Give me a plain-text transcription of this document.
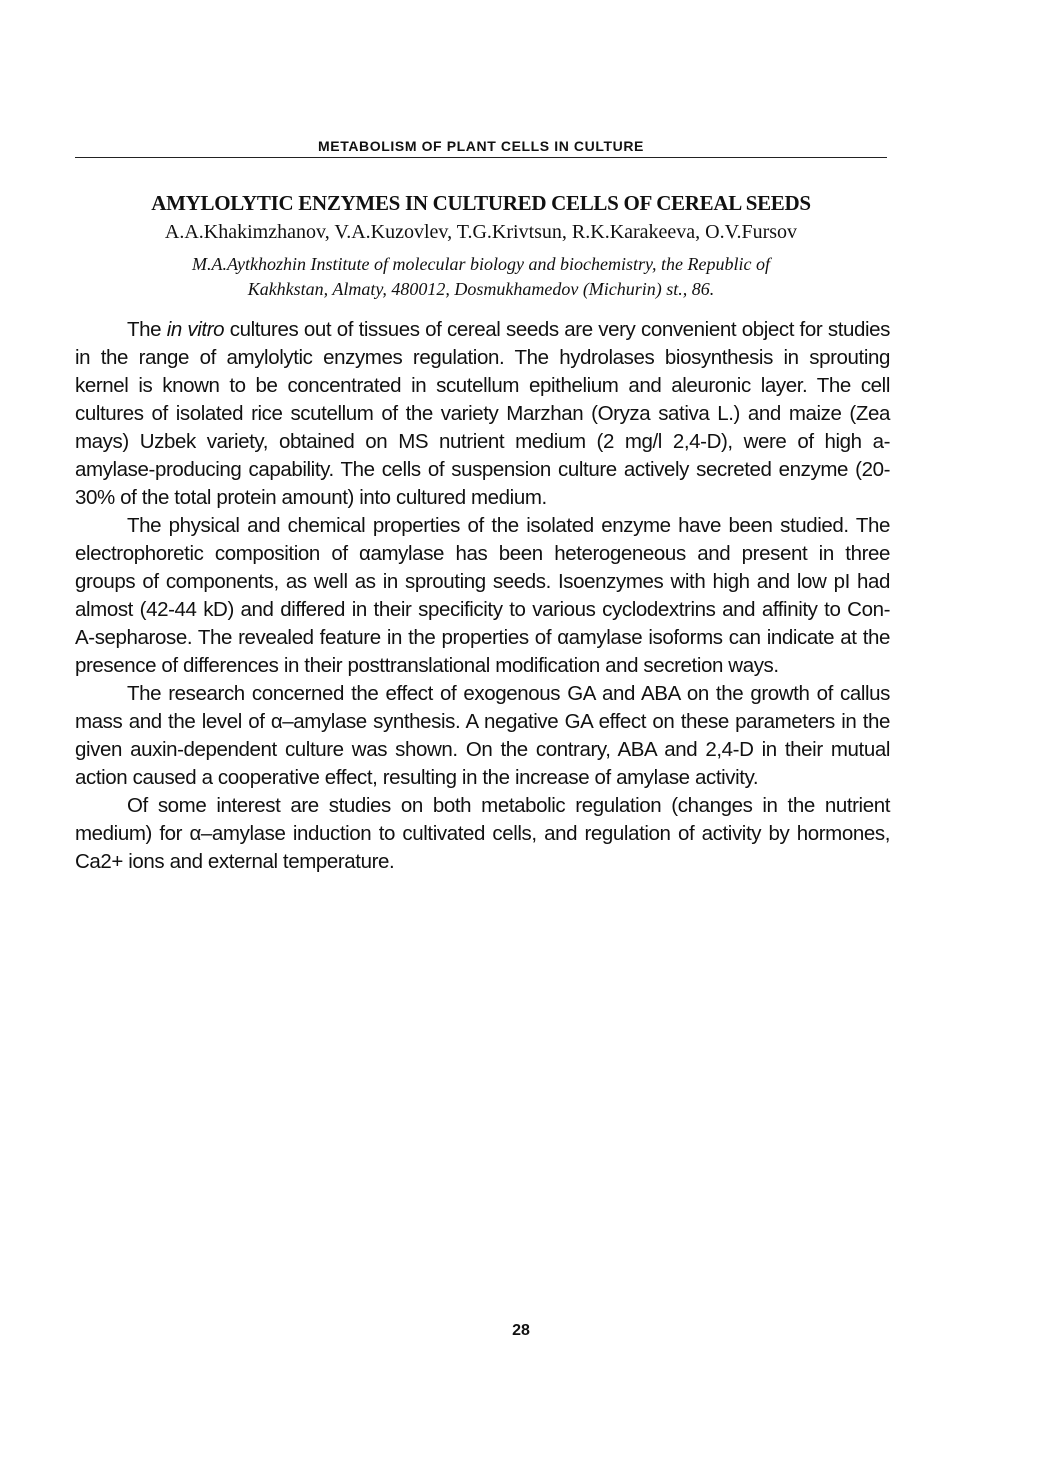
METABOLISM OF PLANT CELLS IN CULTURE
AMYLOLYTIC ENZYMES IN CULTURED CELLS OF CEREAL SEEDS
A.A.Khakimzhanov, V.A.Kuzovlev, T.G.Krivtsun, R.K.Karakeeva, O.V.Fursov
M.A.Aytkhozhin Institute of molecular biology and biochemistry, the Republic of
Kakhkstan, Almaty, 480012, Dosmukhamedov (Michurin) st., 86.

The in vitro cultures out of tissues of cereal seeds are very convenient object for studies in the range of amylolytic enzymes regulation. The hydrolases biosynthesis in sprouting kernel is known to be concentrated in scutellum epithelium and aleuronic layer. The cell cultures of isolated rice scutellum of the variety Marzhan (Oryza sativa L.) and maize (Zea mays) Uzbek variety, obtained on MS nutrient medium (2 mg/l 2,4-D), were of high a-amylase-producing capability. The cells of suspension culture actively secreted enzyme (20-30% of the total protein amount) into cultured medium.

The physical and chemical properties of the isolated enzyme have been studied. The electrophoretic composition of αamylase has been heterogeneous and present in three groups of components, as well as in sprouting seeds. Isoenzymes with high and low pI had almost (42-44 kD) and differed in their specificity to various cyclodextrins and affinity to Con-A-sepharose. The revealed feature in the properties of αamylase isoforms can indicate at the presence of differences in their posttranslational modification and secretion ways.

The research concerned the effect of exogenous GA and ABA on the growth of callus mass and the level of α–amylase synthesis. A negative GA effect on these parameters in the given auxin-dependent culture was shown. On the contrary, ABA and 2,4-D in their mutual action caused a cooperative effect, resulting in the increase of amylase activity.

Of some interest are studies on both metabolic regulation (changes in the nutrient medium) for α–amylase induction to cultivated cells, and regulation of activity by hormones, Ca2+ ions and external temperature.

28
